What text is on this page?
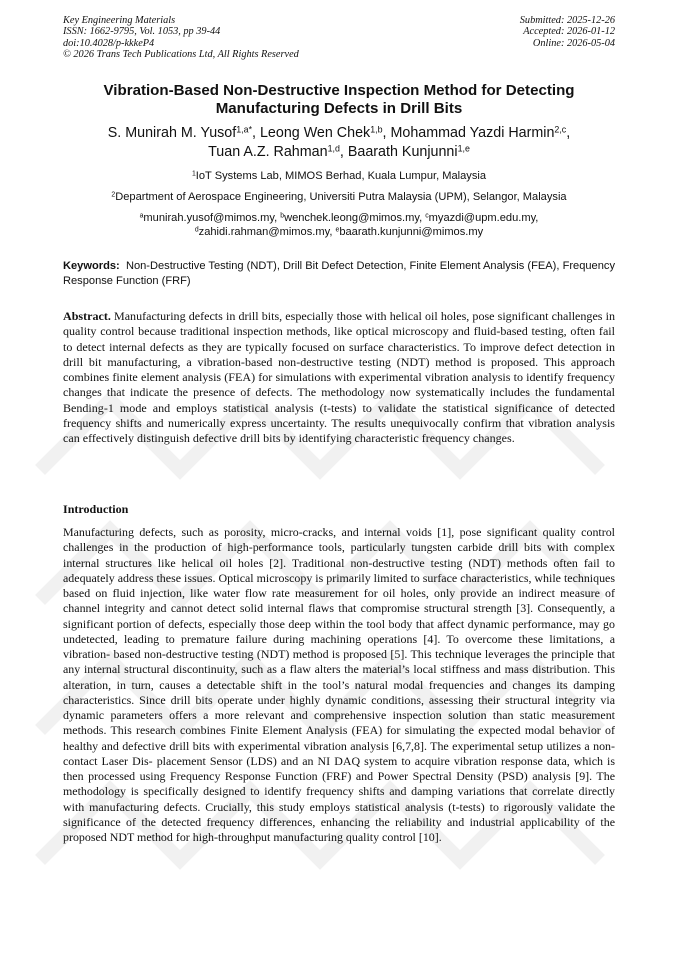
Key Engineering Materials
ISSN: 1662-9795, Vol. 1053, pp 39-44
doi:10.4028/p-kkkeP4
© 2026 Trans Tech Publications Ltd, All Rights Reserved
Submitted: 2025-12-26
Accepted: 2026-01-12
Online: 2026-05-04
Vibration-Based Non-Destructive Inspection Method for Detecting
Manufacturing Defects in Drill Bits
S. Munirah M. Yusof$^{1,a*}$, Leong Wen Chek$^{1,b}$, Mohammad Yazdi Harmin$^{2,c}$,
Tuan A.Z. Rahman$^{1,d}$, Baarath Kunjunni$^{1,e}$
$^1$IoT Systems Lab, MIMOS Berhad, Kuala Lumpur, Malaysia
$^2$Department of Aerospace Engineering, Universiti Putra Malaysia (UPM), Selangor, Malaysia
$^a$munirah.yusof@mimos.my, $^b$wenchek.leong@mimos.my, $^c$myazdi@upm.edu.my,
$^d$zahidi.rahman@mimos.my, $^e$baarath.kunjunni@mimos.my
Keywords: Non-Destructive Testing (NDT), Drill Bit Defect Detection, Finite Element Analysis (FEA), Frequency Response Function (FRF)
Abstract. Manufacturing defects in drill bits, especially those with helical oil holes, pose significant challenges in quality control because traditional inspection methods, like optical microscopy and fluid-based testing, often fail to detect internal defects as they are typically focused on surface characteristics. To improve defect detection in drill bit manufacturing, a vibration-based non-destructive testing (NDT) method is proposed. This approach combines finite element analysis (FEA) for simulations with experimental vibration analysis to identify frequency changes that indicate the presence of defects. The methodology now systematically includes the fundamental Bending-1 mode and employs statistical analysis (t-tests) to validate the statistical significance of detected frequency shifts and numerically express uncertainty. The results unequivocally confirm that vibration analysis can effectively distinguish defective drill bits by identifying characteristic frequency changes.
Introduction
Manufacturing defects, such as porosity, micro-cracks, and internal voids [1], pose significant quality control challenges in the production of high-performance tools, particularly tungsten carbide drill bits with complex internal structures like helical oil holes [2]. Traditional non-destructive testing (NDT) methods often fail to adequately address these issues. Optical microscopy is primarily limited to surface characteristics, while techniques based on fluid injection, like water flow rate measurement for oil holes, only provide an indirect measure of channel integrity and cannot detect solid internal flaws that compromise structural strength [3]. Consequently, a significant portion of defects, especially those deep within the tool body that affect dynamic performance, may go undetected, leading to premature failure during machining operations [4]. To overcome these limitations, a vibration- based non-destructive testing (NDT) method is proposed [5]. This technique leverages the principle that any internal structural discontinuity, such as a flaw alters the material’s local stiffness and mass distribution. This alteration, in turn, causes a detectable shift in the tool’s natural modal frequencies and changes its damping characteristics. Since drill bits operate under highly dynamic conditions, assessing their structural integrity via dynamic parameters offers a more relevant and comprehensive inspection solution than static measurement methods. This research combines Finite Element Analysis (FEA) for simulating the expected modal behavior of healthy and defective drill bits with experimental vibration analysis [6,7,8]. The experimental setup utilizes a non-contact Laser Dis- placement Sensor (LDS) and an NI DAQ system to acquire vibration response data, which is then processed using Frequency Response Function (FRF) and Power Spectral Density (PSD) analysis [9]. The methodology is specifically designed to identify frequency shifts and damping variations that correlate directly with manufacturing defects. Crucially, this study employs statistical analysis (t-tests) to rigorously validate the significance of the detected frequency differences, enhancing the reliability and industrial applicability of the proposed NDT method for high-throughput manufacturing quality control [10].
